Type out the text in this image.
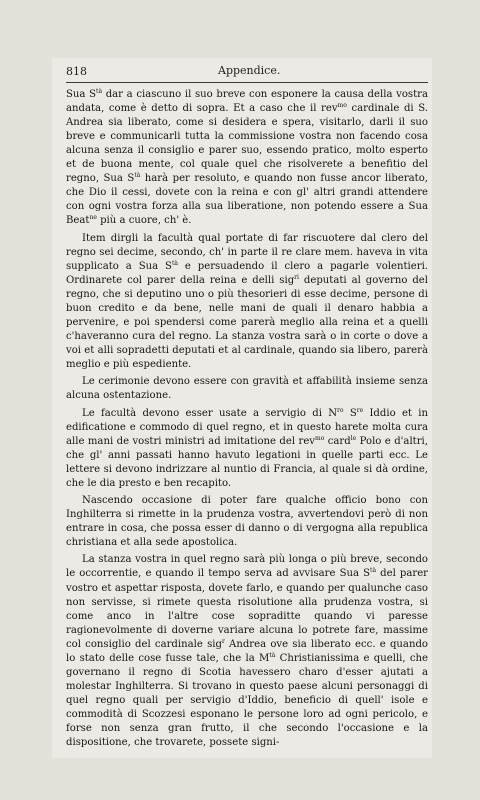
818	Appendice.

Sua $S^{tà}$ dar a ciascuno il suo breve con esponere la causa della vostra andata, come è detto di sopra. Et a caso che il rev$^{mo}$ cardinale di S. Andrea sia liberato, come si desidera e spera, visitarlo, darli il suo breve e communicarli tutta la commissione vostra non facendo cosa alcuna senza il consiglio e parer suo, essendo pratico, molto esperto et de buona mente, col quale quel che risolverete a benefitio del regno, Sua $S^{tà}$ harà per resoluto, e quando non fusse ancor liberato, che Dio il cessi, dovete con la reina e con gl' altri grandi attendere con ogni vostra forza alla sua liberatione, non potendo essere a Sua Beat$^{ne}$ più a cuore, ch' è.

Item dirgli la facultà qual portate di far riscuotere dal clero del regno sei decime, secondo, ch' in parte il re clare mem. haveva in vita supplicato a Sua $S^{tà}$ e persuadendo il clero a pagarle volentieri. Ordinarete col parer della reina e delli sig$^{ri}$ deputati al governo del regno, che si deputino uno o più thesorieri di esse decime, persone di buon credito e da bene, nelle mani de quali il denaro habbia a pervenire, e poi spendersi come parerà meglio alla reina et a quelli c'haveranno cura del regno. La stanza vostra sarà o in corte o dove a voi et alli sopradetti deputati et al cardinale, quando sia libero, parerà meglio e più espediente.

Le cerimonie devono essere con gravità et affabilità insieme senza alcuna ostentazione.

Le facultà devono esser usate a servigio di $N^{ro}$ $S^{re}$ Iddio et in edificatione e commodo di quel regno, et in questo harete molta cura alle mani de vostri ministri ad imitatione del rev$^{mo}$ card$^{le}$ Polo e d'altri, che gl' anni passati hanno havuto legationi in quelle parti ecc. Le lettere si devono indrizzare al nuntio di Francia, al quale si dà ordine, che le dia presto e ben recapito.

Nascendo occasione di poter fare qualche officio bono con Inghilterra si rimette in la prudenza vostra, avvertendovi però di non entrare in cosa, che possa esser di danno o di vergogna alla republica christiana et alla sede apostolica.

La stanza vostra in quel regno sarà più longa o più breve, secondo le occorrentie, e quando il tempo serva ad avvisare Sua $S^{tà}$ del parer vostro et aspettar risposta, dovete farlo, e quando per qualunche caso non servisse, si rimete questa risolutione alla prudenza vostra, si come anco in l'altre cose sopraditte quando vi paresse ragionevolmente di doverne variare alcuna lo potrete fare, massime col consiglio del cardinale sig$^r$ Andrea ove sia liberato ecc. e quando lo stato delle cose fusse tale, che la $M^{tà}$ Christianissima e quelli, che governano il regno di Scotia havessero charo d'esser ajutati a molestar Inghilterra. Si trovano in questo paese alcuni personaggi di quel regno quali per servigio d'Iddio, beneficio di quell' isole e commodità di Scozzesi esponano le persone loro ad ogni pericolo, e forse non senza gran frutto, il che secondo l'occasione e la dispositione, che trovarete, possete signi-
